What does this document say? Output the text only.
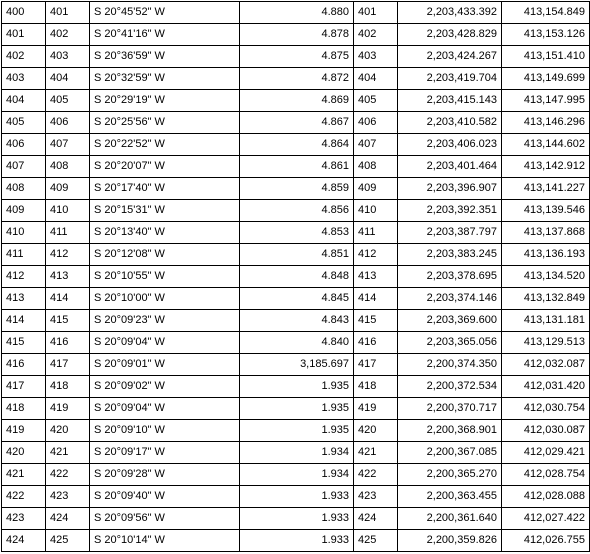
400	401	S 20°45'52" W	4.880	401	2,203,433.392	413,154.849
401	402	S 20°41'16" W	4.878	402	2,203,428.829	413,153.126
402	403	S 20°36'59" W	4.875	403	2,203,424.267	413,151.410
403	404	S 20°32'59" W	4.872	404	2,203,419.704	413,149.699
404	405	S 20°29'19" W	4.869	405	2,203,415.143	413,147.995
405	406	S 20°25'56" W	4.867	406	2,203,410.582	413,146.296
406	407	S 20°22'52" W	4.864	407	2,203,406.023	413,144.602
407	408	S 20°20'07" W	4.861	408	2,203,401.464	413,142.912
408	409	S 20°17'40" W	4.859	409	2,203,396.907	413,141.227
409	410	S 20°15'31" W	4.856	410	2,203,392.351	413,139.546
410	411	S 20°13'40" W	4.853	411	2,203,387.797	413,137.868
411	412	S 20°12'08" W	4.851	412	2,203,383.245	413,136.193
412	413	S 20°10'55" W	4.848	413	2,203,378.695	413,134.520
413	414	S 20°10'00" W	4.845	414	2,203,374.146	413,132.849
414	415	S 20°09'23" W	4.843	415	2,203,369.600	413,131.181
415	416	S 20°09'04" W	4.840	416	2,203,365.056	413,129.513
416	417	S 20°09'01" W	3,185.697	417	2,200,374.350	412,032.087
417	418	S 20°09'02" W	1.935	418	2,200,372.534	412,031.420
418	419	S 20°09'04" W	1.935	419	2,200,370.717	412,030.754
419	420	S 20°09'10" W	1.935	420	2,200,368.901	412,030.087
420	421	S 20°09'17" W	1.934	421	2,200,367.085	412,029.421
421	422	S 20°09'28" W	1.934	422	2,200,365.270	412,028.754
422	423	S 20°09'40" W	1.933	423	2,200,363.455	412,028.088
423	424	S 20°09'56" W	1.933	424	2,200,361.640	412,027.422
424	425	S 20°10'14" W	1.933	425	2,200,359.826	412,026.755
